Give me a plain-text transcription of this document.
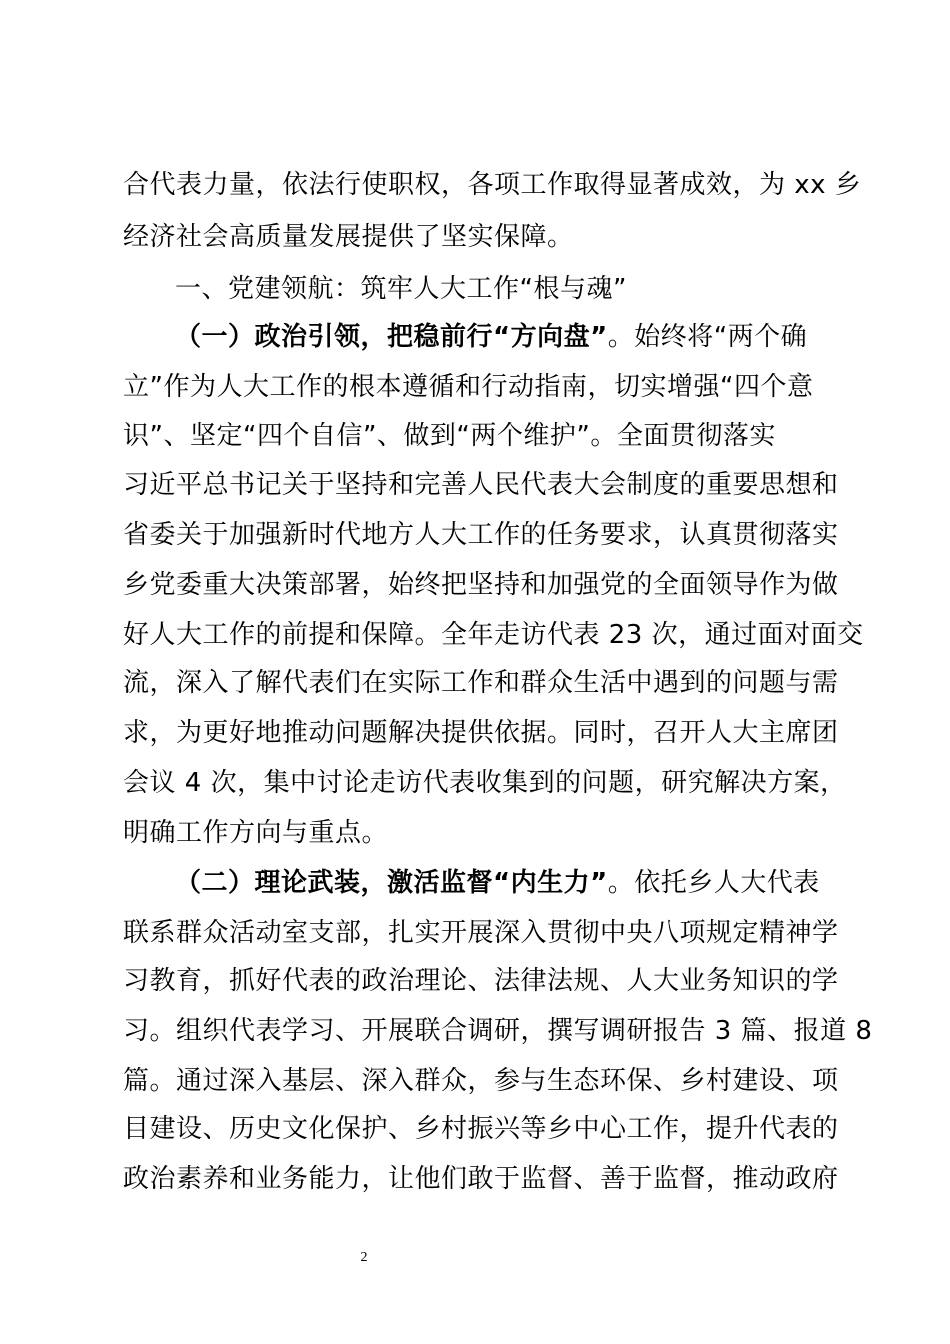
合代表力量，依法行使职权，各项工作取得显著成效，为 xx 乡
经济社会高质量发展提供了坚实保障。
一、党建领航：筑牢人大工作“根与魂”
（一）政治引领，把稳前行“方向盘”。始终将“两个确
立”作为人大工作的根本遵循和行动指南，切实增强“四个意
识”、坚定“四个自信”、做到“两个维护”。全面贯彻落实
习近平总书记关于坚持和完善人民代表大会制度的重要思想和
省委关于加强新时代地方人大工作的任务要求，认真贯彻落实
乡党委重大决策部署，始终把坚持和加强党的全面领导作为做
好人大工作的前提和保障。全年走访代表 23 次，通过面对面交
流，深入了解代表们在实际工作和群众生活中遇到的问题与需
求，为更好地推动问题解决提供依据。同时，召开人大主席团
会议 4 次，集中讨论走访代表收集到的问题，研究解决方案，
明确工作方向与重点。
（二）理论武装，激活监督“内生力”。依托乡人大代表
联系群众活动室支部，扎实开展深入贯彻中央八项规定精神学
习教育，抓好代表的政治理论、法律法规、人大业务知识的学
习。组织代表学习、开展联合调研，撰写调研报告 3 篇、报道 8
篇。通过深入基层、深入群众，参与生态环保、乡村建设、项
目建设、历史文化保护、乡村振兴等乡中心工作，提升代表的
政治素养和业务能力，让他们敢于监督、善于监督，推动政府
2
